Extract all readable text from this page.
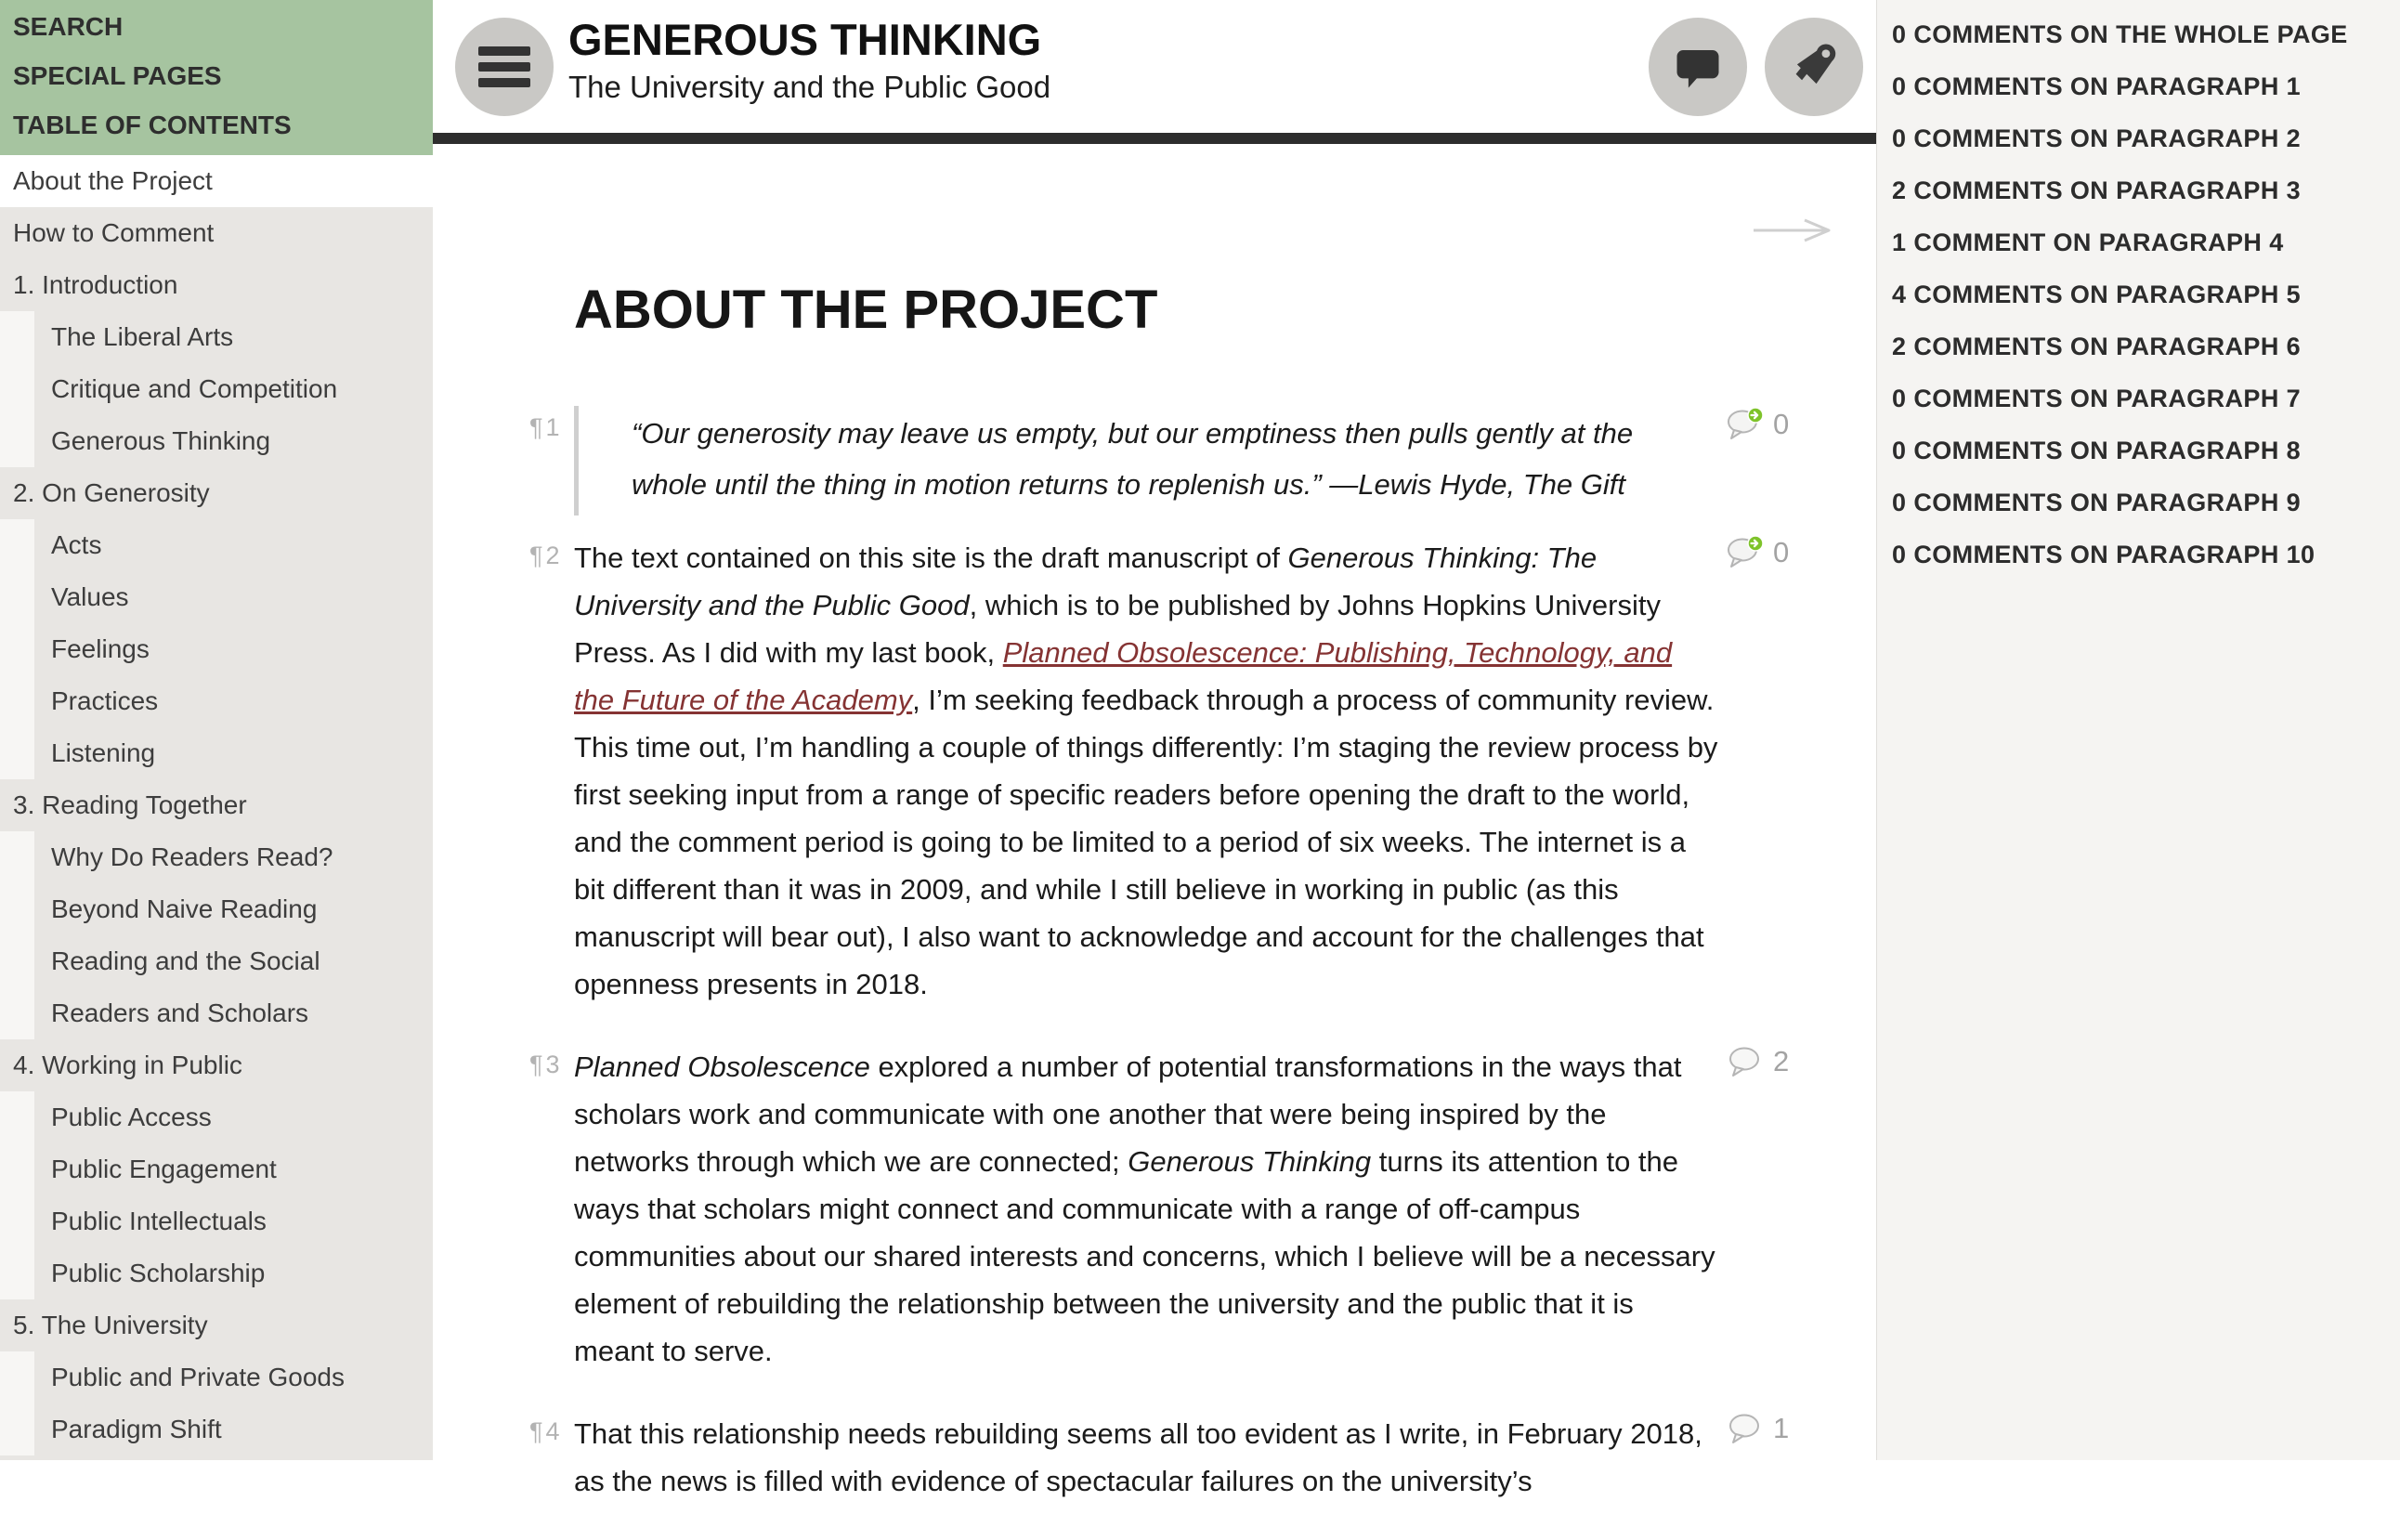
SEARCH
SPECIAL PAGES
TABLE OF CONTENTS
About the Project
How to Comment
1. Introduction
The Liberal Arts
Critique and Competition
Generous Thinking
2. On Generosity
Acts
Values
Feelings
Practices
Listening
3. Reading Together
Why Do Readers Read?
Beyond Naive Reading
Reading and the Social
Readers and Scholars
4. Working in Public
Public Access
Public Engagement
Public Intellectuals
Public Scholarship
5. The University
Public and Private Goods
Paradigm Shift
GENEROUS THINKING
The University and the Public Good
ABOUT THE PROJECT
¶1	“Our generosity may leave us empty, but our emptiness then pulls gently at the whole until the thing in motion returns to replenish us.” —Lewis Hyde, The Gift
0
¶2 The text contained on this site is the draft manuscript of Generous Thinking: The University and the Public Good, which is to be published by Johns Hopkins University Press. As I did with my last book, Planned Obsolescence: Publishing, Technology, and the Future of the Academy, I’m seeking feedback through a process of community review. This time out, I’m handling a couple of things differently: I’m staging the review process by first seeking input from a range of specific readers before opening the draft to the world, and the comment period is going to be limited to a period of six weeks. The internet is a bit different than it was in 2009, and while I still believe in working in public (as this manuscript will bear out), I also want to acknowledge and account for the challenges that openness presents in 2018.
0
¶3 Planned Obsolescence explored a number of potential transformations in the ways that scholars work and communicate with one another that were being inspired by the networks through which we are connected; Generous Thinking turns its attention to the ways that scholars might connect and communicate with a range of off-campus communities about our shared interests and concerns, which I believe will be a necessary element of rebuilding the relationship between the university and the public that it is meant to serve.
2
¶4 That this relationship needs rebuilding seems all too evident as I write, in February 2018, as the news is filled with evidence of spectacular failures on the university’s
1
0 COMMENTS ON THE WHOLE PAGE
0 COMMENTS ON PARAGRAPH 1
0 COMMENTS ON PARAGRAPH 2
2 COMMENTS ON PARAGRAPH 3
1 COMMENT ON PARAGRAPH 4
4 COMMENTS ON PARAGRAPH 5
2 COMMENTS ON PARAGRAPH 6
0 COMMENTS ON PARAGRAPH 7
0 COMMENTS ON PARAGRAPH 8
0 COMMENTS ON PARAGRAPH 9
0 COMMENTS ON PARAGRAPH 10
